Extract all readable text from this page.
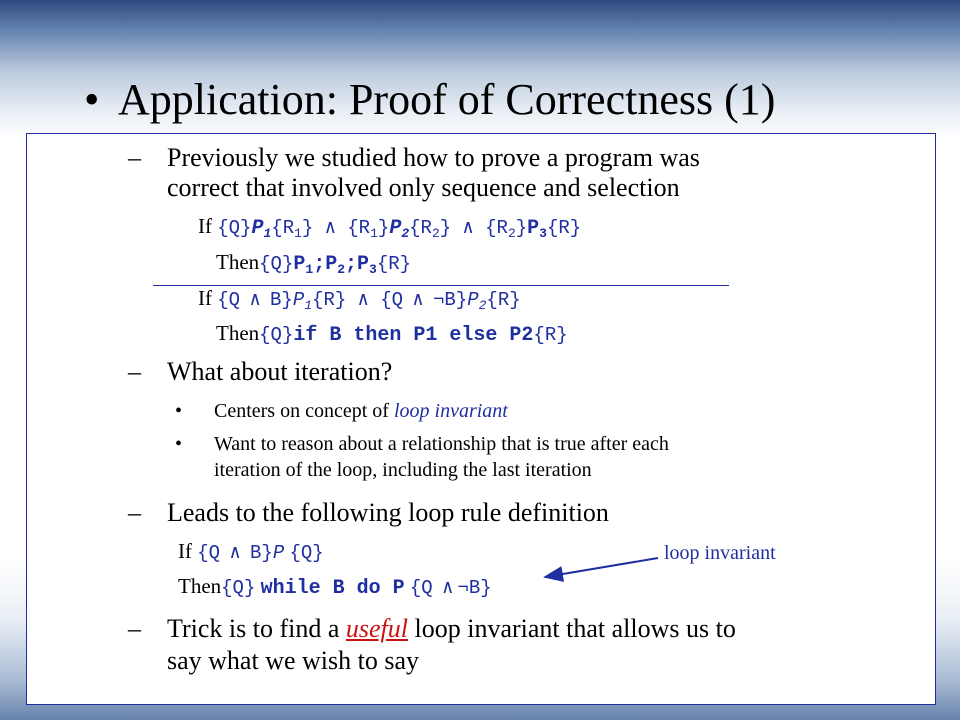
• Application: Proof of Correctness (1)
– Previously we studied how to prove a program was
correct that involved only sequence and selection
If $\{Q\}P_1\{R_1\}$ ∧ $\{R_1\}P_2\{R_2\}$ ∧ $\{R_2\}P_3\{R\}$
$Then\{Q\}P_1;P_2;P_3\{R\}$
If {Q ∧ $B\}P_1\{R\}$ ∧ {Q ∧ $\neg B\}P_2\{R\}$
Then{Q}if B then P1 else P2{R}
– What about iteration?
• Centers on concept of loop invariant
• Want to reason about a relationship that is true after each
iteration of the loop, including the last iteration
– Leads to the following loop rule definition
If {Q ∧ B}P {Q}
Then{Q} while B do P {Q ∧ ¬B}
loop invariant
– Trick is to find a useful loop invariant that allows us to
say what we wish to say
